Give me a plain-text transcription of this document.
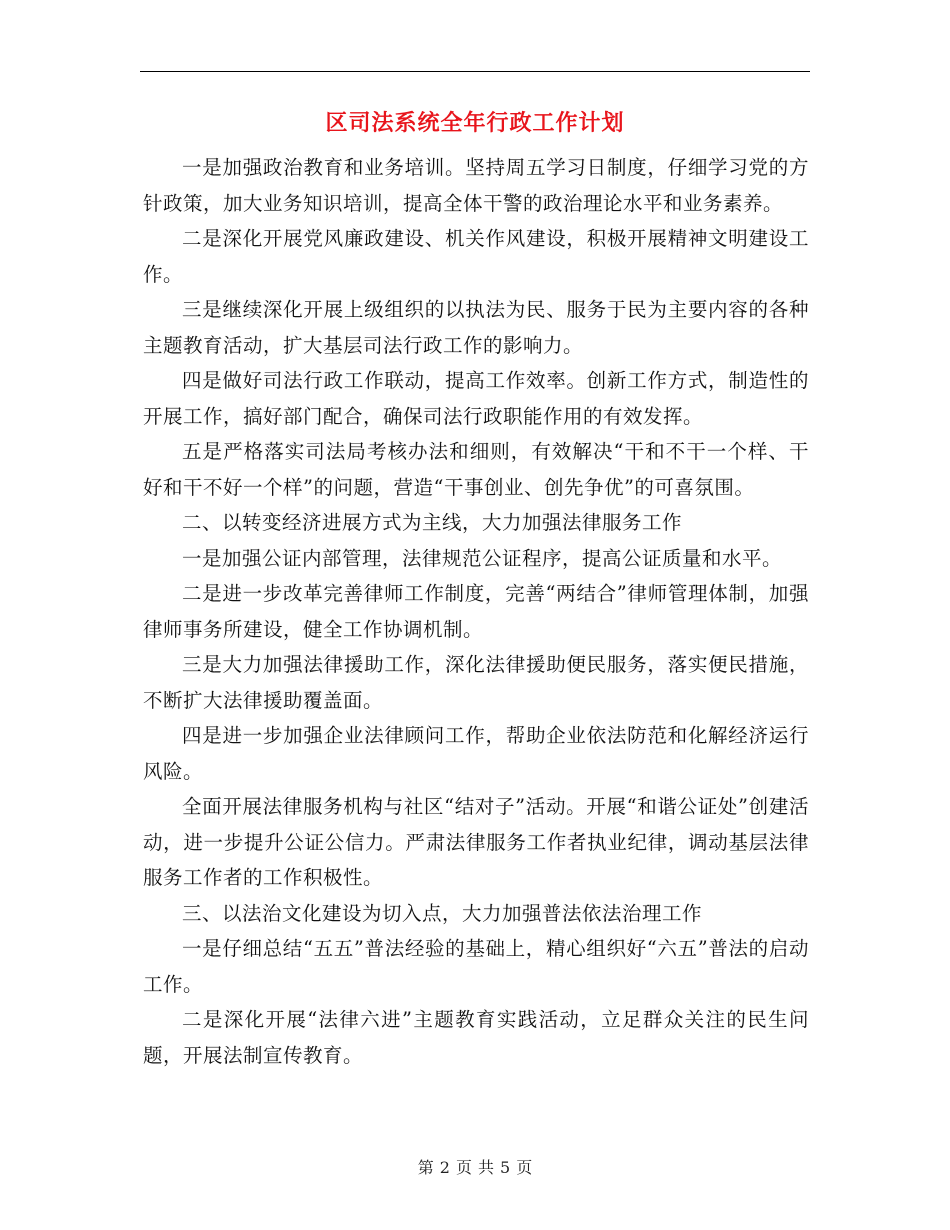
区司法系统全年行政工作计划

一是加强政治教育和业务培训。坚持周五学习日制度，仔细学习党的方针政策，加大业务知识培训，提高全体干警的政治理论水平和业务素养。

二是深化开展党风廉政建设、机关作风建设，积极开展精神文明建设工作。

三是继续深化开展上级组织的以执法为民、服务于民为主要内容的各种主题教育活动，扩大基层司法行政工作的影响力。

四是做好司法行政工作联动，提高工作效率。创新工作方式，制造性的开展工作，搞好部门配合，确保司法行政职能作用的有效发挥。

五是严格落实司法局考核办法和细则，有效解决“干和不干一个样、干好和干不好一个样”的问题，营造“干事创业、创先争优”的可喜氛围。

二、以转变经济进展方式为主线，大力加强法律服务工作

一是加强公证内部管理，法律规范公证程序，提高公证质量和水平。

二是进一步改革完善律师工作制度，完善“两结合”律师管理体制，加强律师事务所建设，健全工作协调机制。

三是大力加强法律援助工作，深化法律援助便民服务，落实便民措施，不断扩大法律援助覆盖面。

四是进一步加强企业法律顾问工作，帮助企业依法防范和化解经济运行风险。

全面开展法律服务机构与社区“结对子”活动。开展“和谐公证处”创建活动，进一步提升公证公信力。严肃法律服务工作者执业纪律，调动基层法律服务工作者的工作积极性。

三、以法治文化建设为切入点，大力加强普法依法治理工作

一是仔细总结“五五”普法经验的基础上，精心组织好“六五”普法的启动工作。

二是深化开展“法律六进”主题教育实践活动，立足群众关注的民生问题，开展法制宣传教育。

第 2 页 共 5 页
